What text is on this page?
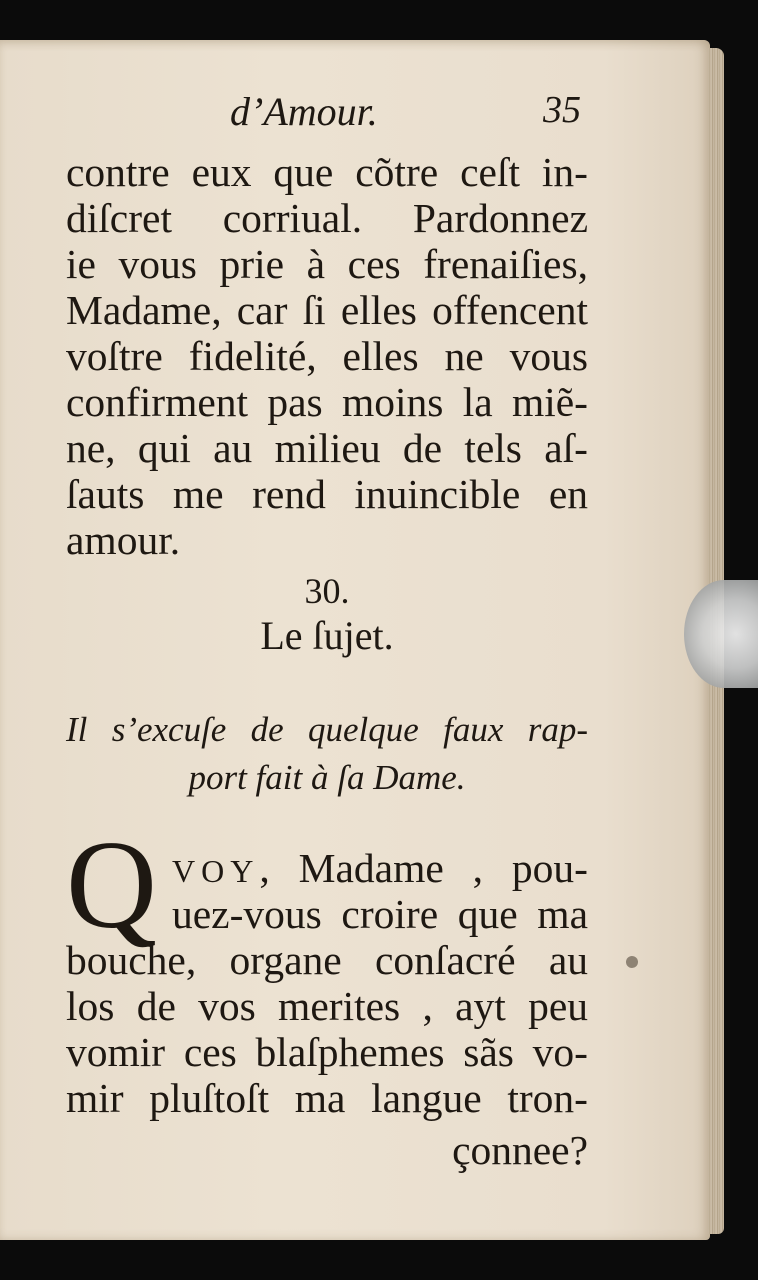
d’Amour.	35
contre eux que cõtre ceſt in-
diſcret corriual. Pardonnez
ie vous prie à ces frenaiſies,
Madame, car ſi elles offencent
voſtre fidelité, elles ne vous
confirment pas moins la miẽ-
ne, qui au milieu de tels aſ-
ſauts me rend inuincible en
amour.
30.
Le ſujet.
Il s’excuſe de quelque faux rap-
port fait à ſa Dame.
Q VOY, Madame , pou-
uez-vous croire que ma
bouche, organe conſacré au
los de vos merites , ayt peu
vomir ces blaſphemes sãs vo-
mir pluſtoſt ma langue tron-
çonnee?
